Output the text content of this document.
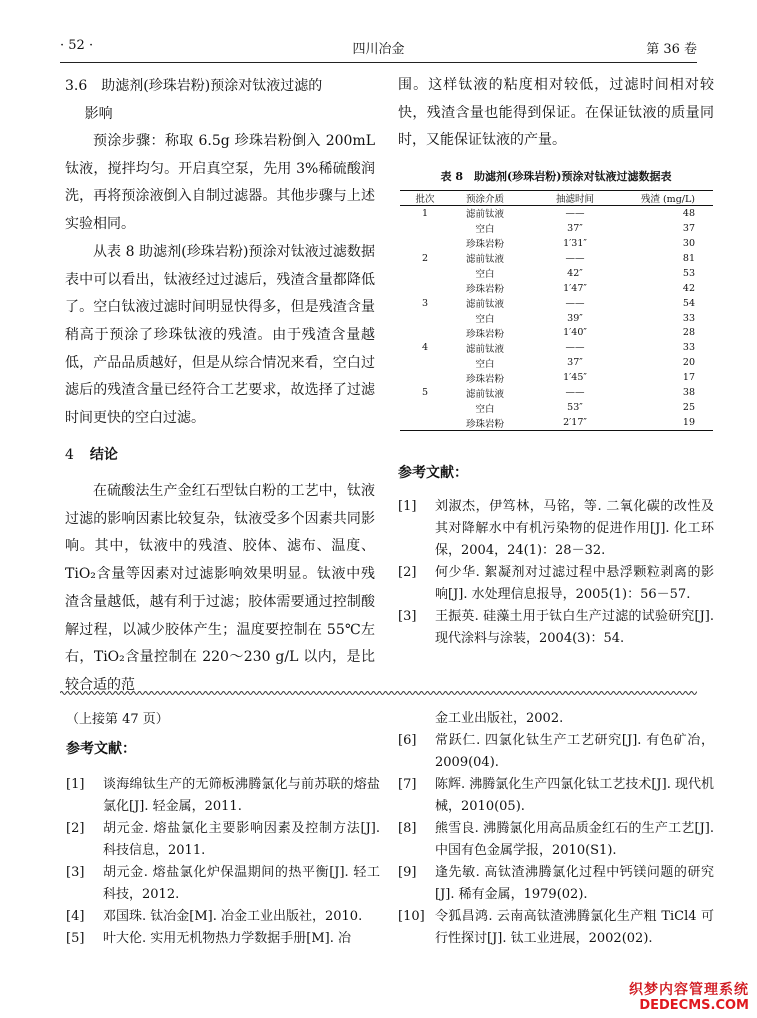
· 52 ·	四川冶金	第 36 卷
3.6　助滤剂(珍珠岩粉)预涂对钛液过滤的
影响

预涂步骤：称取 6.5g 珍珠岩粉倒入 200mL 钛液，搅拌均匀。开启真空泵，先用 3%稀硫酸润洗，再将预涂液倒入自制过滤器。其他步骤与上述实验相同。

从表 8 助滤剂(珍珠岩粉)预涂对钛液过滤数据表中可以看出，钛液经过过滤后，残渣含量都降低了。空白钛液过滤时间明显快得多，但是残渣含量稍高于预涂了珍珠钛液的残渣。由于残渣含量越低，产品品质越好，但是从综合情况来看，空白过滤后的残渣含量已经符合工艺要求，故选择了过滤时间更快的空白过滤。

4 结论

在硫酸法生产金红石型钛白粉的工艺中，钛液过滤的影响因素比较复杂，钛液受多个因素共同影响。其中，钛液中的残渣、胶体、滤布、温度、TiO₂含量等因素对过滤影响效果明显。钛液中残渣含量越低，越有利于过滤；胶体需要通过控制酸解过程，以减少胶体产生；温度要控制在 55℃左右，TiO₂含量控制在 220～230 g/L 以内，是比较合适的范

围。这样钛液的粘度相对较低，过滤时间相对较快，残渣含量也能得到保证。在保证钛液的质量同时，又能保证钛液的产量。

表 8　助滤剂(珍珠岩粉)预涂对钛液过滤数据表
批次	预涂介质	抽滤时间	残渣 (mg/L)
1	滤前钛液	——	48
	空白	37″	37
	珍珠岩粉	1′31″	30
2	滤前钛液	——	81
	空白	42″	53
	珍珠岩粉	1′47″	42
3	滤前钛液	——	54
	空白	39″	33
	珍珠岩粉	1′40″	28
4	滤前钛液	——	33
	空白	37″	20
	珍珠岩粉	1′45″	17
5	滤前钛液	——	38
	空白	53″	25
	珍珠岩粉	2′17″	19
参考文献：
[1] 刘淑杰，伊笃林，马铭，等. 二氧化碳的改性及其对降解水中有机污染物的促进作用[J]. 化工环保，2004，24(1)：28－32.
[2] 何少华. 絮凝剂对过滤过程中悬浮颗粒剥离的影响[J]. 水处理信息报导，2005(1)：56－57.
[3] 王振英. 硅藻土用于钛白生产过滤的试验研究[J]. 现代涂料与涂装，2004(3)：54.
（上接第 47 页）
参考文献：
[1] 谈海绵钛生产的无筛板沸腾氯化与前苏联的熔盐氯化[J]. 轻金属，2011.
[2] 胡元金. 熔盐氯化主要影响因素及控制方法[J]. 科技信息，2011.
[3] 胡元金. 熔盐氯化炉保温期间的热平衡[J]. 轻工科技，2012.
[4] 邓国珠. 钛冶金[M]. 冶金工业出版社，2010.
[5] 叶大伦. 实用无机物热力学数据手册[M]. 冶
金工业出版社，2002.
[6] 常跃仁. 四氯化钛生产工艺研究[J]. 有色矿冶，2009(04).
[7] 陈辉. 沸腾氯化生产四氯化钛工艺技术[J]. 现代机械，2010(05).
[8] 熊雪良. 沸腾氯化用高品质金红石的生产工艺[J]. 中国有色金属学报，2010(S1).
[9] 逢先敏. 高钛渣沸腾氯化过程中钙镁问题的研究[J]. 稀有金属，1979(02).
[10] 令狐昌鸿. 云南高钛渣沸腾氯化生产粗 TiCl4 可行性探讨[J]. 钛工业进展，2002(02).
织梦内容管理系统
DEDECMS.COM
